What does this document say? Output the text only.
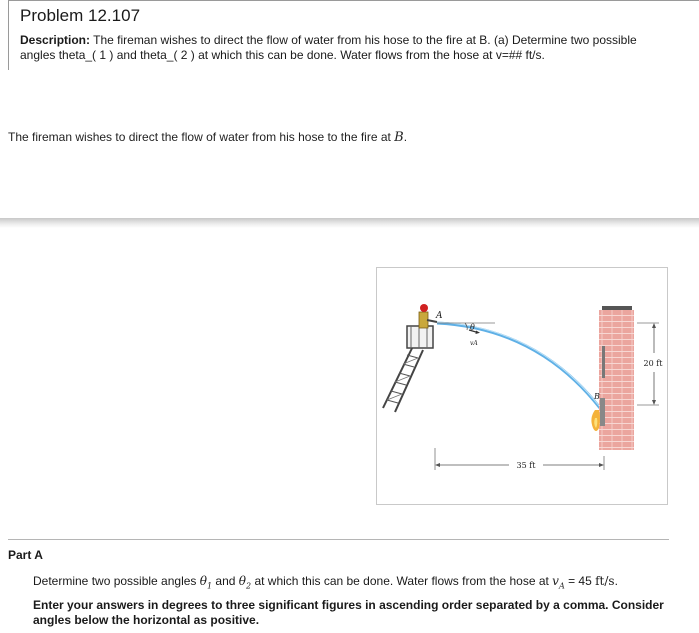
Problem 12.107
Description: The fireman wishes to direct the flow of water from his hose to the fire at B. (a) Determine two possible angles theta_( 1 ) and theta_( 2 ) at which this can be done. Water flows from the hose at v=## ft/s.
The fireman wishes to direct the flow of water from his hose to the fire at B.
A
θ
vA
B
20 ft
35 ft
Part A
Determine two possible angles $\theta_1$ and $\theta_2$ at which this can be done. Water flows from the hose at $v_A = 45$ ft/s.
Enter your answers in degrees to three significant figures in ascending order separated by a comma. Consider angles below the horizontal as positive.
